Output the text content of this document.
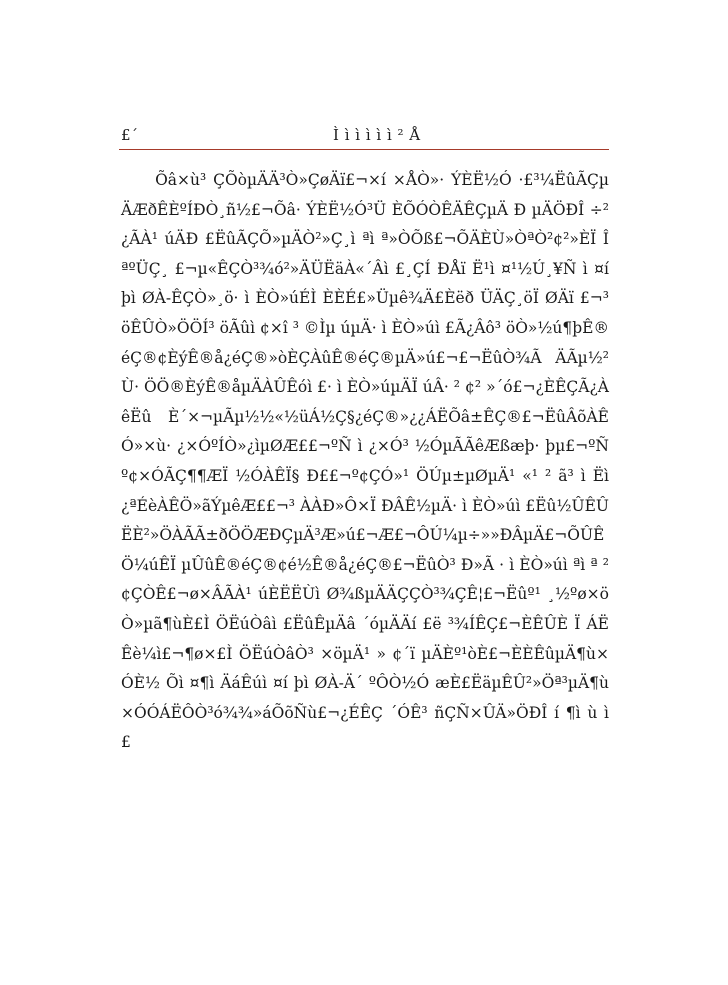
£´	Ì ì ì ì ì ì ² Å

Õâ×ù³ ÇÕòµÄÄ³Ò»ÇøÄï£¬×í ×ÅÒ»· ÝÈË½Ó ·£³¼ËûÃÇµÄÆðÊÈºÍÐÒ¸ñ½£¬Õâ· ÝÈË½Ó³Ü ÈÕÓÒÊÄÊÇµÄ Ð µÄÖÐÎ ÷²¿ÃÀ¹ úÄÐ £ËûÃÇÕ»µÄÒ²»Ç¸ì ªì ª»ÒÕß£¬ÕÄÈÙ»ÒªÒ²¢²»ÈÏ Î ªºÜÇ¸ £¬µ«ÊÇÒ³¾ó²»ÄÜËäÀ«´Âì £¸ÇÍ ÐÅï Ë¹ì ¤¹½Ú¸¥Ñ ì ¤í þì ØÀ-ÊÇÒ»¸ö· ì ÈÒ»úÉÌ ÈÈÉ£»Üµê¾Ä£Èëð ÜÄÇ¸öÏ ØÄï £¬³ öÊÛÒ»ÖÖÍ³ öÃûì ¢×î ³ ©Ìµ úµÄ· ì ÈÒ»úì £Ã¿Âô³ öÒ»½ú¶þÊ®éÇ®¢ÈýÊ®å¿éÇ®»òÈÇÀûÊ®éÇ®µÄ»ú£¬£¬ËûÒ¾Ã ÄÃµ½²Ù· ÖÖ®ÈýÊ®åµÄÀÛÊóì £· ì ÈÒ»úµÄÏ úÂ· ² ¢² »´ó£¬¿ÈÊÇÃ¿ÀêËû È´×¬µÃµ½½«½üÁ½Ç§¿éÇ®»¿¿ÁËÕâ±ÊÇ®£¬ËûÂõÀÊÓ»×ù· ¿×ÓºÍÒ»¿ìµØÆ££¬ºÑ ì ¿×Ó³ ½ÓµÃÃêÆßæþ· þµ£¬ºÑº¢×ÓÃÇ¶¶ÆÏ ½ÓÀÊÏ§ Ð££¬º¢ÇÓ»¹ ÖÚµ±µØµÄ¹ «¹ ² ã³ ì Ëì ¿ªÉèÀÊÖ»ãÝµêÆ££¬³ ÀÀÐ»Ô×Ï ÐÂÊ½µÄ· ì ÈÒ»úì £Ëû½ÛÊÛËÈ²»ÖÀÃÃ±ðÖÖÆÐÇµÄ³Æ»ú£¬Æ£¬ÔÚ¼µ÷»»ÐÂµÄ£¬ÕÛÊÖ¼úÊÏ µÛûÊ®éÇ®¢é½Ê®å¿éÇ®£¬ËûÒ³ Ð»Ã · ì ÈÒ»úì ªì ª ² ¢ÇÒÊ£¬ø×ÂÃÀ¹ úÈËËÙì Ø¾ßµÄÄÇÇÒ³¾ÇÊ¦£¬Ëûº¹ ¸½ºø×öÒ»µã¶ùÈ£Ì ÖËúÒâì £ËûÊµÄâ ´óµÄÄí £ë ³¾ÍÊÇ£¬ÈÊÛÈ Ï ÁËÊè¼ì£¬¶ø×£Ì ÖËúÒâÒ³ ×öµÄ¹ » ¢´ï µÄÈº¹òÈ£¬ÈÈÊûµÄ¶ù×ÓÈ½ Õì ¤¶ì ÄáÊúì ¤í þì ØÀ-Ä´ ºÔÒ½Ó æÈ£ËäµÊÛ²»Öª³µÄ¶ù×ÓÓÁËÔÒ³ó¾¾»áÕõÑù£¬¿ÉÊÇ ´ÓÊ³ ñÇÑ×ÛÄ»ÖÐÎ í ¶ì ù ì £
